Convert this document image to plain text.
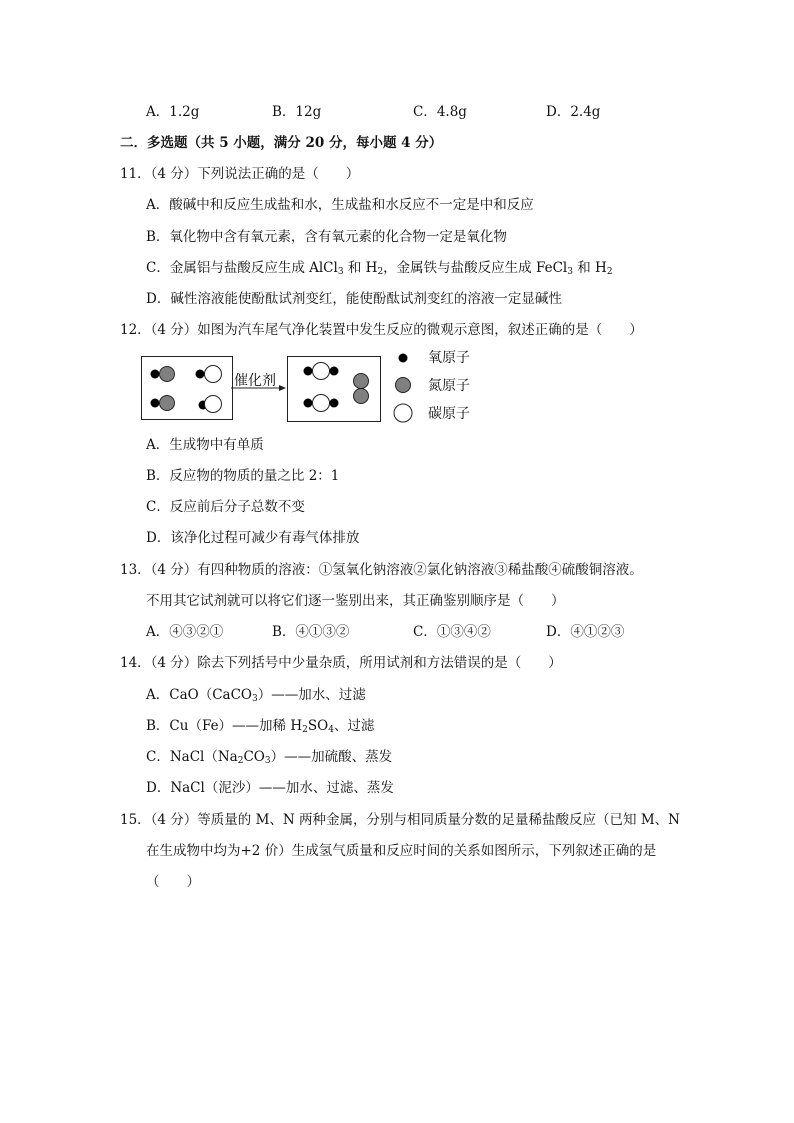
A．1.2g	B．12g	C．4.8g	D．2.4g
二．多选题（共 5 小题，满分 20 分，每小题 4 分）
11．（4 分）下列说法正确的是（　　）
A．酸碱中和反应生成盐和水，生成盐和水反应不一定是中和反应
B．氧化物中含有氧元素，含有氧元素的化合物一定是氧化物
C．金属铝与盐酸反应生成 AlCl$_3$ 和 $H_2$，金属铁与盐酸反应生成 FeCl$_3$ 和 $H_2$
D．碱性溶液能使酚酞试剂变红，能使酚酞试剂变红的溶液一定显碱性
12．（4 分）如图为汽车尾气净化装置中发生反应的微观示意图，叙述正确的是（　　）
催化剂
氧原子
氮原子
碳原子
A．生成物中有单质
B．反应物的物质的量之比 2：1
C．反应前后分子总数不变
D．该净化过程可减少有毒气体排放
13．（4 分）有四种物质的溶液：①氢氧化钠溶液②氯化钠溶液③稀盐酸④硫酸铜溶液。
不用其它试剂就可以将它们逐一鉴别出来，其正确鉴别顺序是（　　）
A．④③②①	B．④①③②	C．①③④②	D．④①②③
14．（4 分）除去下列括号中少量杂质，所用试剂和方法错误的是（　　）
A．CaO（CaCO$_3$）——加水、过滤
B．Cu（Fe）——加稀 $H_2SO_4$、过滤
C．$NaCl(Na_2CO_3)——$加硫酸、蒸发
D．NaCl（泥沙）——加水、过滤、蒸发
15．（4 分）等质量的 M、N 两种金属，分别与相同质量分数的足量稀盐酸反应（已知 M、N
在生成物中均为+2 价）生成氢气质量和反应时间的关系如图所示，下列叙述正确的是
（　　）
